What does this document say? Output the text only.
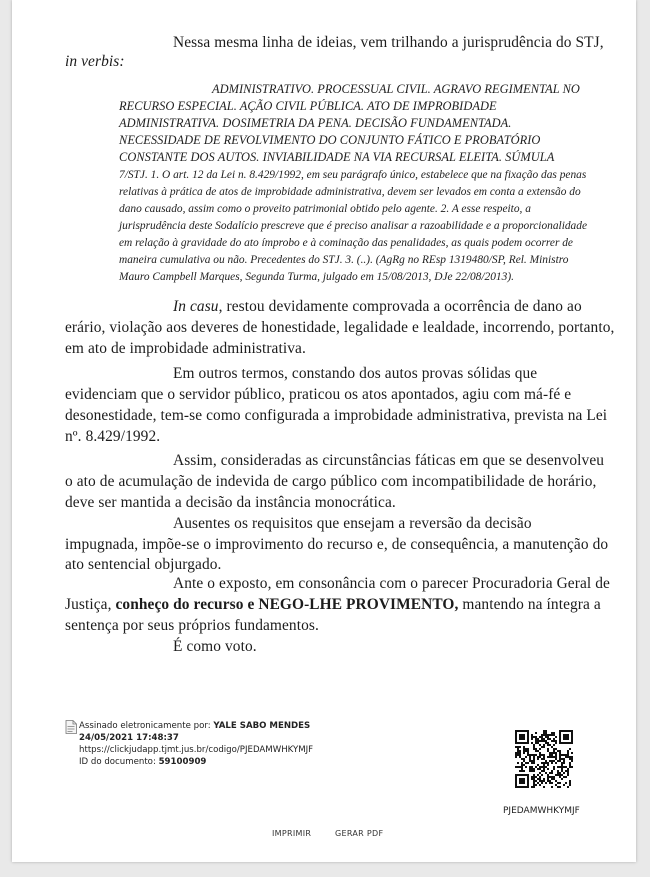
Nessa mesma linha de ideias, vem trilhando a jurisprudência do STJ,
in verbis:
ADMINISTRATIVO. PROCESSUAL CIVIL. AGRAVO REGIMENTAL NO
RECURSO ESPECIAL. AÇÃO CIVIL PÚBLICA. ATO DE IMPROBIDADE
ADMINISTRATIVA. DOSIMETRIA DA PENA. DECISÃO FUNDAMENTADA.
NECESSIDADE DE REVOLVIMENTO DO CONJUNTO FÁTICO E PROBATÓRIO
CONSTANTE DOS AUTOS. INVIABILIDADE NA VIA RECURSAL ELEITA. SÚMULA
7/STJ. 1. O art. 12 da Lei n. 8.429/1992, em seu parágrafo único, estabelece que na fixação das penas
relativas à prática de atos de improbidade administrativa, devem ser levados em conta a extensão do
dano causado, assim como o proveito patrimonial obtido pelo agente. 2. A esse respeito, a
jurisprudência deste Sodalício prescreve que é preciso analisar a razoabilidade e a proporcionalidade
em relação à gravidade do ato ímprobo e à cominação das penalidades, as quais podem ocorrer de
maneira cumulativa ou não. Precedentes do STJ. 3. (..). (AgRg no REsp 1319480/SP, Rel. Ministro
Mauro Campbell Marques, Segunda Turma, julgado em 15/08/2013, DJe 22/08/2013).
In casu, restou devidamente comprovada a ocorrência de dano ao
erário, violação aos deveres de honestidade, legalidade e lealdade, incorrendo, portanto,
em ato de improbidade administrativa.
Em outros termos, constando dos autos provas sólidas que
evidenciam que o servidor público, praticou os atos apontados, agiu com má-fé e
desonestidade, tem-se como configurada a improbidade administrativa, prevista na Lei
nº. 8.429/1992.
Assim, consideradas as circunstâncias fáticas em que se desenvolveu
o ato de acumulação de indevida de cargo público com incompatibilidade de horário,
deve ser mantida a decisão da instância monocrática.
Ausentes os requisitos que ensejam a reversão da decisão
impugnada, impõe-se o improvimento do recurso e, de consequência, a manutenção do
ato sentencial objurgado.
Ante o exposto, em consonância com o parecer Procuradoria Geral de
Justiça, conheço do recurso e NEGO-LHE PROVIMENTO, mantendo na íntegra a
sentença por seus próprios fundamentos.
É como voto.
Assinado eletronicamente por: YALE SABO MENDES
24/05/2021 17:48:37
https://clickjudapp.tjmt.jus.br/codigo/PJEDAMWHKYMJF
ID do documento: 59100909
PJEDAMWHKYMJF
IMPRIMIR	GERAR PDF
